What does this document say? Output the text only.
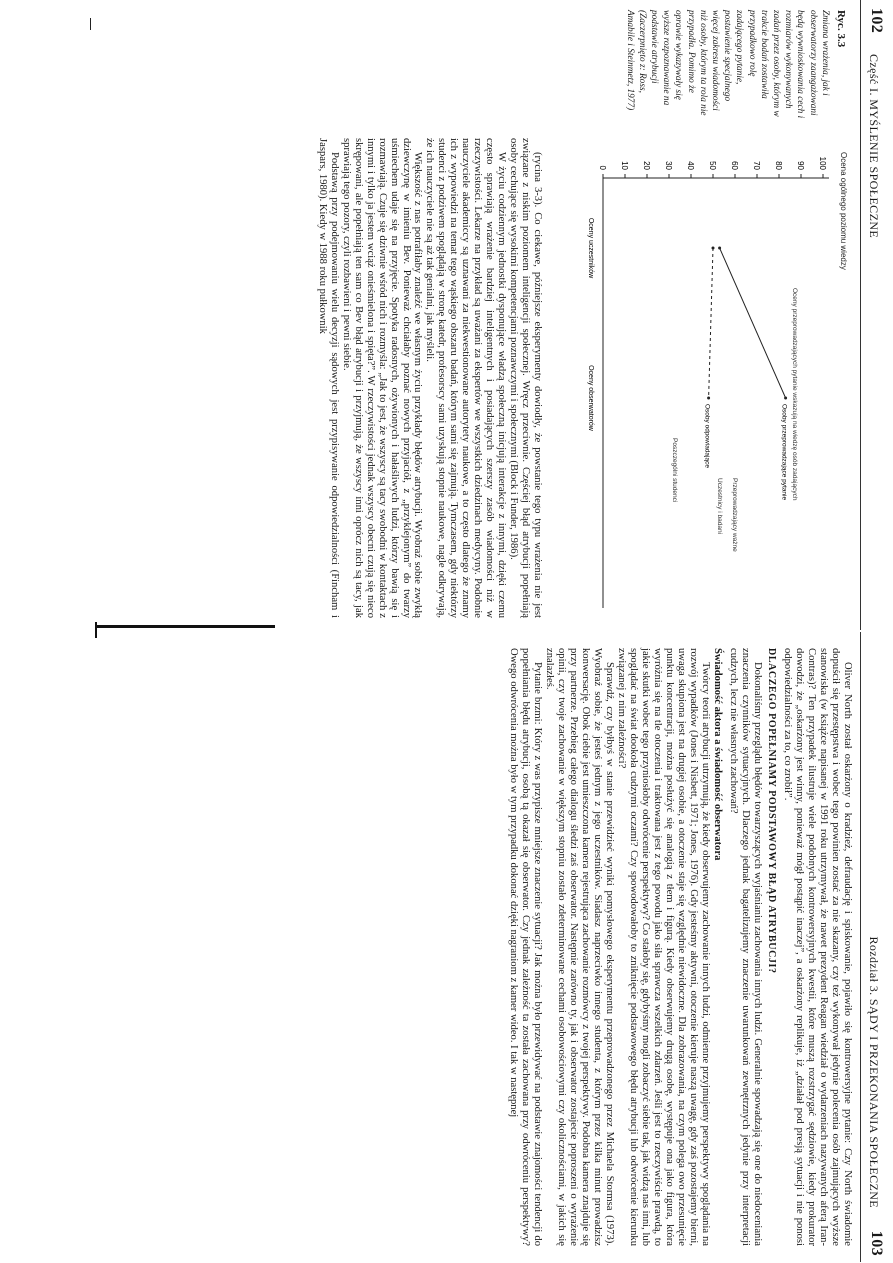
102
Część I. MYŚLENIE SPOŁECZNE
Ryc. 3.3
Zmiana wrażenia, jak i obserwatorzy zaangażowani będą wywnioskowania cech i rozmiarów wykonywanych zadań przez osoby, którym w trakcie badań zostawiła przypadkowo rolę zadającego pytanie, postawienie specjalnego więcej zakresu wiadomości niż osoby, którym ta rola nie przypadła. Pomimo że oprawie wykazywały się wyższe rozpoznawanie na podstawie atrybucji (Zaczerpnięto z: Ross, Amabile i Steinmetz, 1977)
Ocena ogólnego poziomu wiedzy
100
90
80
70
60
50
40
30
20
10
0
Oceny uczestników
Oceny obserwatorów
Osoby przeprowadzające pytanie
Osoby odpowiadające	Oceny przeprowadzających pytanie wskazują na wiedzę osób zadających
Przeprowadzający ważne
Poszczególni studenci
Uczestnicy i badani

(rycina 3-3). Co ciekawe, późniejsze eksperymenty dowiodły, że powstanie tego typu wrażenia nie jest związane z niskim poziomem inteligencji społecznej. Wręcz przeciwnie. Częściej błąd atrybucji popełniają osoby cechujące się wysokimi kompetencjami poznawczymi i społecznymi (Block i Funder, 1986).

W życiu codziennym jednostki dysponujące władzą społeczną inicjują interakcje z innymi, dzięki czemu często sprawiają wrażenie bardziej inteligentnych i posiadających szerszy zasób wiadomości niż w rzeczywistości. Lekarze na przykład są uważani za ekspertów we wszystkich dziedzinach medycyny. Podobnie nauczyciele akademiccy są uznawani za niekwestionowane autorytety naukowe, a to często dlatego że znamy ich z wypowiedzi na temat tego wąskiego obszaru badań, którym sami się zajmują. Tymczasem, gdy niektórzy studenci z podziwem spoglądają w stronę katedr, profesorscy sami uzyskują stopnie naukowe, nagle odkrywają, że ich nauczyciele nie są aż tak genialni, jak myśleli.

Większość z nas potrafiłaby znaleźć we własnym życiu przykłady błędów atrybucji. Wyobraź sobie zwykłą dziewczynę w imieniu Bev. Ponieważ chciałaby poznać nowych przyjaciół, z „przyklejonym” do twarzy uśmiechem udaje się na przyjęcie. Spotyka radosnych, ożywionych i hałaśliwych ludzi, którzy bawią się i rozmawiają. Czuje się dziwnie wśród nich i rozmyśla: „Jak to jest, że wszyscy są tacy swobodni w kontaktach z innymi i tylko ja jestem wciąż onieśmielona i spięta?”. W rzeczywistości jednak wszyscy obecni czują się nieco skrępowani, ale popełniają ten sam co Bev błąd atrybucji i przyjmują, że wszyscy inni oprócz nich są tacy, jak sprawiają tego pozory, czyli rozbawieni i pewni siebie.

Podstawą przy podejmowaniu wielu decyzji sądowych jest przypisywanie odpowiedzialności (Fincham i Jaspars, 1980). Kiedy w 1988 roku pułkownik

Rozdział 3. SĄDY I PRZEKONANIA SPOŁECZNE
103

Oliver North został oskarżony o kradzież, defraudację i spiskowanie, pojawiło się kontrowersyjne pytanie: Czy North świadomie dopuścił się przestępstwa i wobec tego powinien zostać za nie skazany, czy też wykonywał jedynie polecenia osób zajmujących wyższe stanowiska (w książce napisanej w 1991 roku utrzymywał, że nawet prezydent Reagan wiedział o wydarzeniach nazywanych aferą Iran-Contras)? Ten przypadek ilustruje wiele podobnych kontrowersyjnych kwestii, które muszą rozstrzygać sędziowie, kiedy prokurator dowodzi, że „oskarżony jest winny, ponieważ mógł postąpić inaczej”, a oskarżony replikuje, iż „działał pod presją sytuacji i nie ponosi odpowiedzialności za to, co zrobił”.

DLACZEGO POPEŁNIAMY PODSTAWOWY BŁĄD ATRYBUCJI?

Dokonaliśmy przeglądu błędów towarzyszących wyjaśnianiu zachowania innych ludzi. Generalnie spowadzają się one do niedoceniania znaczenia czynników sytuacyjnych. Dlaczego jednak bagatelizujemy znaczenie uwarunkowań zewnętrznych jedynie przy interpretacji cudzych, lecz nie własnych zachowań?

Świadomość aktora a świadomość obserwatora

Twórcy teorii atrybucji utrzymują, że kiedy obserwujemy zachowanie innych ludzi, odmienne przyjmujemy perspektywy spoglądania na rozwój wypadków (Jones i Nisbett, 1971; Jones, 1976). Gdy jesteśmy aktywni, otoczenie kieruje naszą uwagę, gdy zaś pozostajemy bierni, uwaga skupiona jest na drugiej osobie, a otoczenie staje się względnie niewidoczne. Dla zobrazowania, na czym polega owo przesunięcie punktu koncentracji, można posłużyć się analogią z tłem i figurą. Kiedy obserwujemy drugą osobę, występuje ona jako figura, która wyróżnia się na tle otoczenia i traktowana jest z tego powodu jako siła sprawcza wszelkich zdarzeń. Jeśli jest to rzeczywiście prawdą, to jakie skutki wobec tego przyniosłoby odwrócenie perspektywy? Co stałoby się, gdybyśmy mogli zobaczyć siebie tak, jak widzą nas inni, lub spoglądać na świat dookoła cudzymi oczami? Czy spowodowałoby to zniknięcie podstawowego błędu atrybucji lub odwrócenie kierunku związanej z nim zależności?

Sprawdź, czy byłbyś w stanie przewidzieć wyniki pomysłowego eksperymentu przeprowadzonego przez Michaela Stormsa (1973). Wyobraź sobie, że jesteś jednym z jego uczestników. Siadasz naprzeciwko innego studenta, z którym przez kilka minut prowadzisz konwersację. Obok ciebie jest umieszczona kamera rejestrująca zachowanie rozmówcy z twojej perspektywy. Podobna kamera znajduje się przy partnerze. Przebieg całego dialogu śledzi zaś obserwator. Następnie zarówno ty, jak i obserwator zostajecie poproszeni o wyrażenie opinii, czy twoje zachowanie w większym stopniu zostało zdeterminowane cechami osobowościowymi czy okolicznościami, w jakich się znalazłeś.

Pytanie brzmi: Który z was przypisze mniejsze znaczenie sytuacji? Jak można było przewidywać na podstawie znajomości tendencji do popełniania błędu atrybucji, osobą tą okazał się obserwator. Czy jednak zależność ta została zachowana przy odwróceniu perspektywy? Owego odwrócenia można było w tym przypadku dokonać dzięki nagraniom z kamer wideo. I tak w następnej
